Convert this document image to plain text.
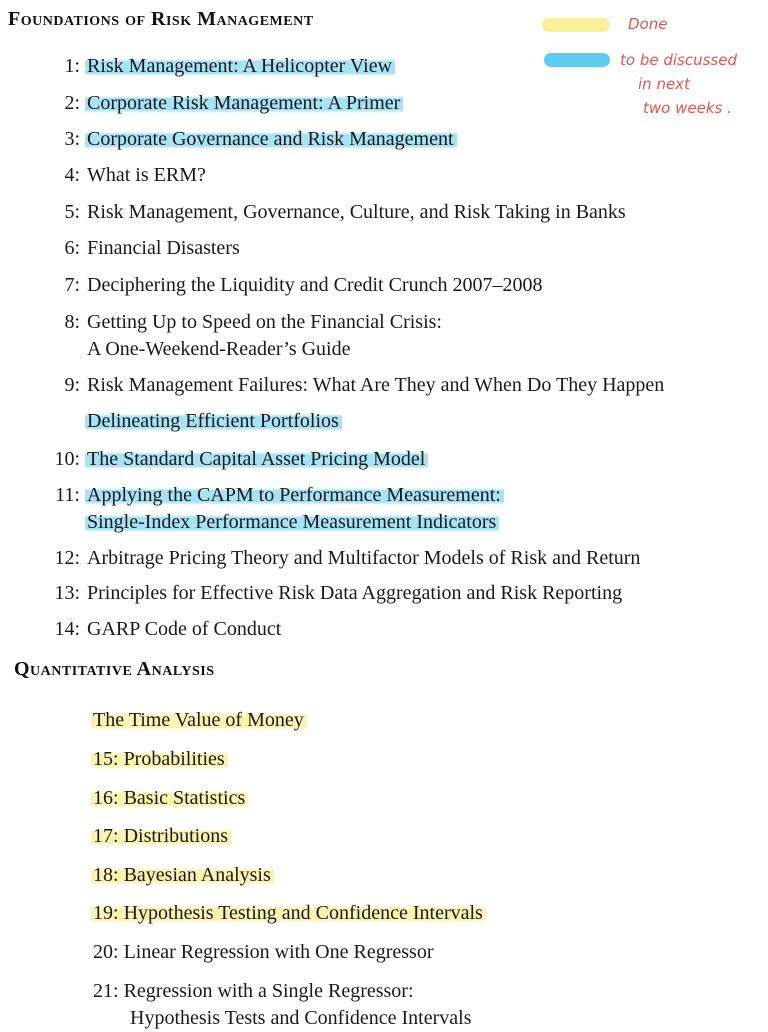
Foundations of Risk Management
Quantitative Analysis
Done
to be discussed
in next
two weeks .
1: Risk Management: A Helicopter View
2: Corporate Risk Management: A Primer
3: Corporate Governance and Risk Management
4: What is ERM?
5: Risk Management, Governance, Culture, and Risk Taking in Banks
6: Financial Disasters
7: Deciphering the Liquidity and Credit Crunch 2007–2008
8: Getting Up to Speed on the Financial Crisis:
A One-Weekend-Reader’s Guide
9: Risk Management Failures: What Are They and When Do They Happen
Delineating Efficient Portfolios
10: The Standard Capital Asset Pricing Model
11: Applying the CAPM to Performance Measurement:
Single-Index Performance Measurement Indicators
12: Arbitrage Pricing Theory and Multifactor Models of Risk and Return
13: Principles for Effective Risk Data Aggregation and Risk Reporting
14: GARP Code of Conduct
The Time Value of Money
15: Probabilities
16: Basic Statistics
17: Distributions
18: Bayesian Analysis
19: Hypothesis Testing and Confidence Intervals
20: Linear Regression with One Regressor
21: Regression with a Single Regressor:
Hypothesis Tests and Confidence Intervals
